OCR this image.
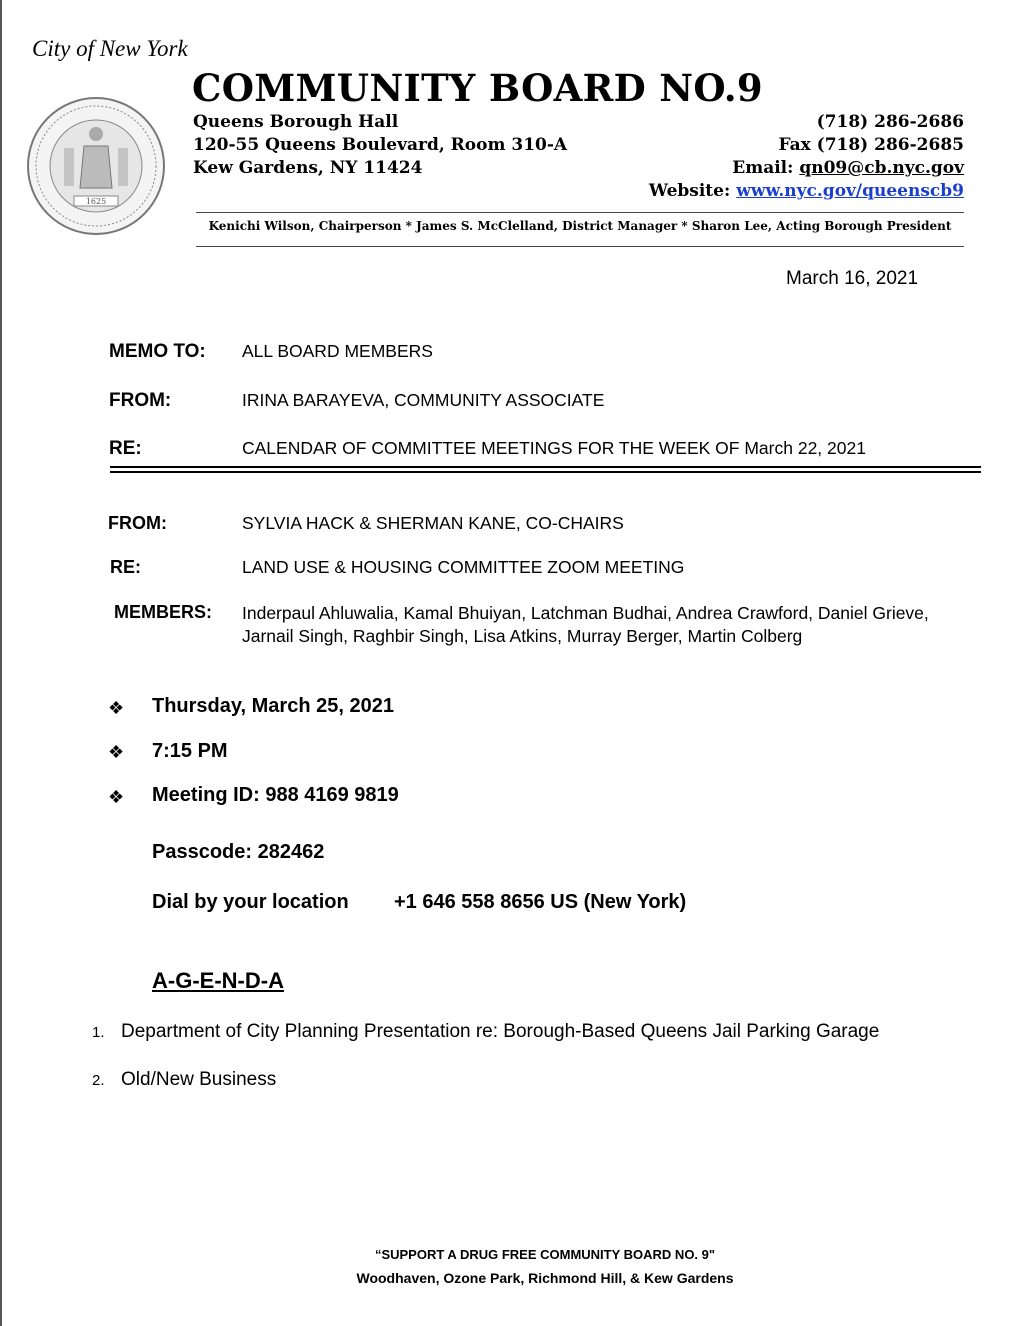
City of New York
1625
COMMUNITY BOARD NO.9
Queens Borough Hall
120-55 Queens Boulevard, Room 310-A
Kew Gardens, NY 11424
(718) 286-2686
Fax (718) 286-2685
Email: qn09@cb.nyc.gov
Website: www.nyc.gov/queenscb9
Kenichi Wilson, Chairperson * James S. McClelland, District Manager * Sharon Lee, Acting Borough President
March 16, 2021
MEMO TO: ALL BOARD MEMBERS
FROM:	IRINA BARAYEVA, COMMUNITY ASSOCIATE
RE:	CALENDAR OF COMMITTEE MEETINGS FOR THE WEEK OF March 22, 2021
FROM:	SYLVIA HACK & SHERMAN KANE, CO-CHAIRS
RE:	LAND USE & HOUSING COMMITTEE ZOOM MEETING
MEMBERS: Inderpaul Ahluwalia, Kamal Bhuiyan, Latchman Budhai, Andrea Crawford, Daniel Grieve, Jarnail Singh, Raghbir Singh, Lisa Atkins, Murray Berger, Martin Colberg
❖ Thursday, March 25, 2021
❖ 7:15 PM
❖ Meeting ID: 988 4169 9819
Passcode: 282462
Dial by your location +1 646 558 8656 US (New York)
A-G-E-N-D-A
1. Department of City Planning Presentation re: Borough-Based Queens Jail Parking Garage
2. Old/New Business
“SUPPORT A DRUG FREE COMMUNITY BOARD NO. 9"
Woodhaven, Ozone Park, Richmond Hill, & Kew Gardens
